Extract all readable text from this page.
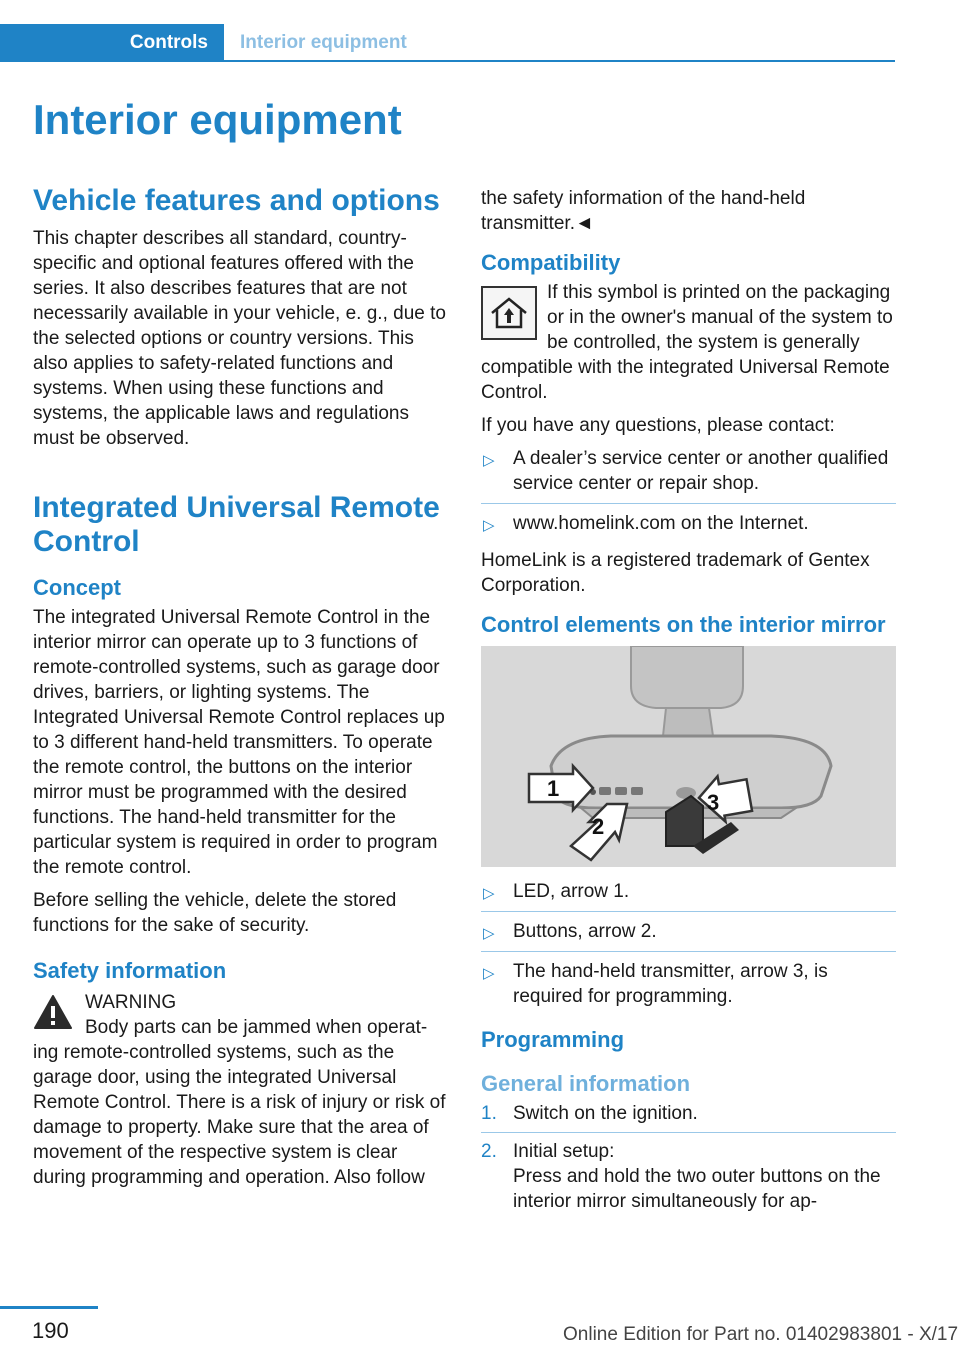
Controls	Interior equipment
Interior equipment
Vehicle features and options

This chapter describes all standard, country-specific and optional features offered with the series. It also describes features that are not necessarily available in your vehicle, e. g., due to the selected options or country versions. This also applies to safety-related functions and systems. When using these functions and systems, the applicable laws and regulations must be observed.

Integrated Universal Remote Control
Concept

The integrated Universal Remote Control in the interior mirror can operate up to 3 functions of remote-controlled systems, such as garage door drives, barriers, or lighting systems. The Integrated Universal Remote Control replaces up to 3 different hand-held transmitters. To operate the remote control, the buttons on the interior mirror must be programmed with the desired functions. The hand-held transmitter for the particular system is required in order to program the remote control.

Before selling the vehicle, delete the stored functions for the sake of security.

Safety information
WARNING
Body parts can be jammed when operat-
ing remote-controlled systems, such as the garage door, using the integrated Universal Remote Control. There is a risk of injury or risk of damage to property. Make sure that the area of movement of the respective system is clear during programming and operation. Also follow

the safety information of the hand-held transmitter.◄

Compatibility

If this symbol is printed on the packaging or in the owner's manual of the system to be controlled, the system is generally compatible with the integrated Universal Remote Control.

If you have any questions, please contact:

▷ A dealer’s service center or another qualified service center or repair shop.
▷ www.homelink.com on the Internet.

HomeLink is a registered trademark of Gentex Corporation.

Control elements on the interior mirror
1
2
3
▷ LED, arrow 1.
▷ Buttons, arrow 2.
▷ The hand-held transmitter, arrow 3, is required for programming.
Programming
General information
1. Switch on the ignition.
2. Initial setup:
Press and hold the two outer buttons on the interior mirror simultaneously for ap-
190	Online Edition for Part no. 01402983801 - X/17
